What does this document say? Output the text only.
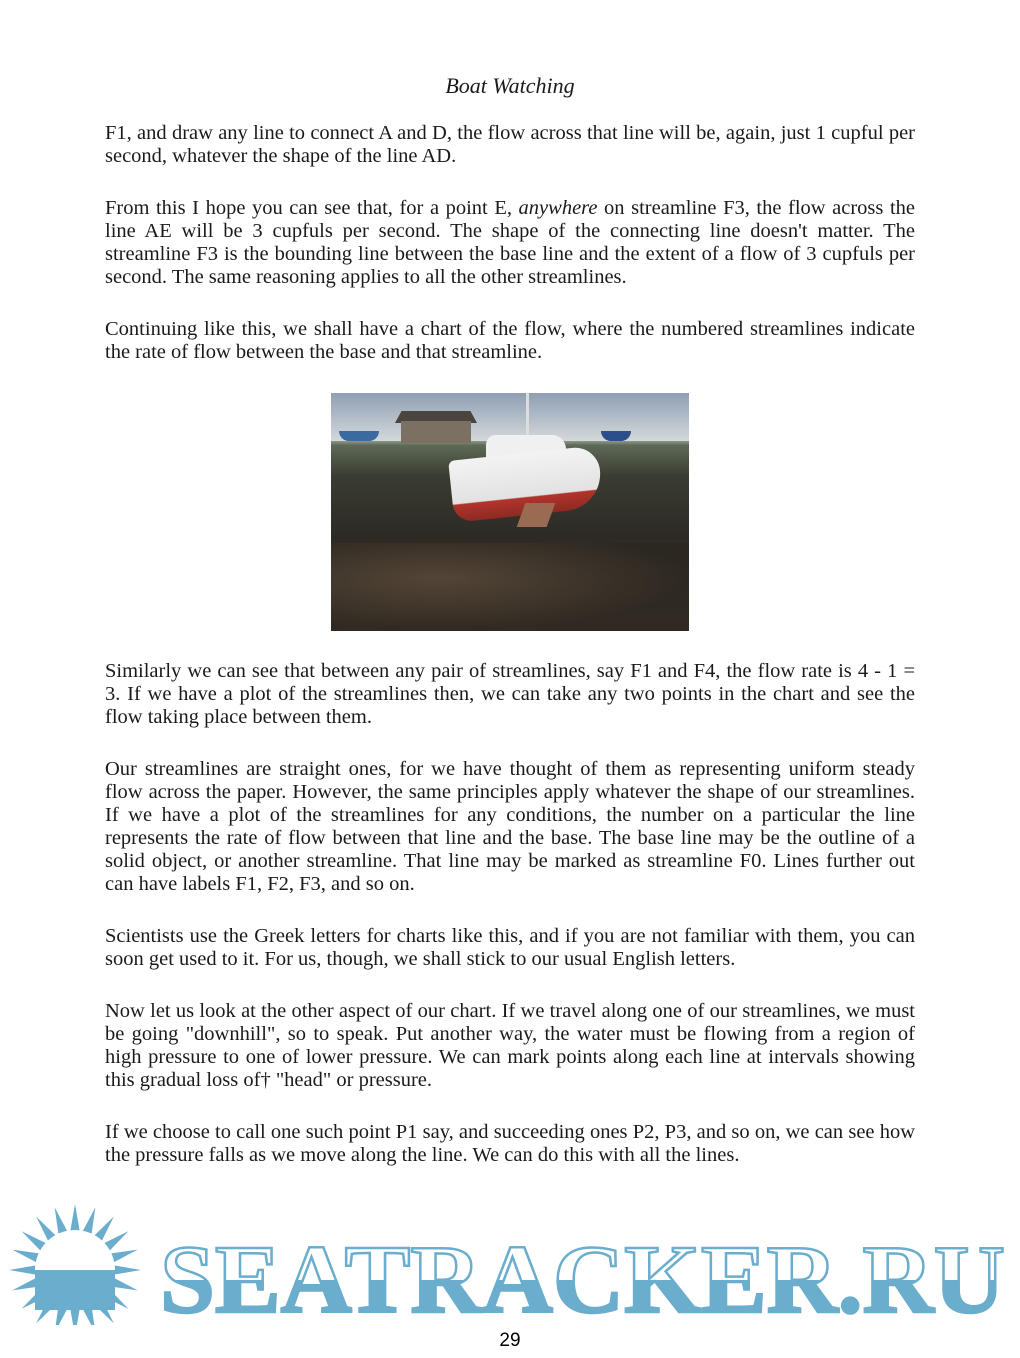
Boat Watching

F1, and draw any line to connect A and D, the flow across that line will be, again, just 1 cupful per second, whatever the shape of the line AD.

From this I hope you can see that, for a point E, anywhere on streamline F3, the flow across the line AE will be 3 cupfuls per second. The shape of the connecting line doesn't matter. The streamline F3 is the bounding line between the base line and the extent of a flow of 3 cupfuls per second. The same reasoning applies to all the other streamlines.

Continuing like this, we shall have a chart of the flow, where the numbered streamlines indicate the rate of flow between the base and that streamline.

Similarly we can see that between any pair of streamlines, say F1 and F4, the flow rate is 4 - 1 = 3. If we have a plot of the streamlines then, we can take any two points in the chart and see the flow taking place between them.

Our streamlines are straight ones, for we have thought of them as representing uniform steady flow across the paper. However, the same principles apply whatever the shape of our streamlines. If we have a plot of the streamlines for any conditions, the number on a particular the line represents the rate of flow between that line and the base. The base line may be the outline of a solid object, or another streamline. That line may be marked as streamline F0. Lines further out can have labels F1, F2, F3, and so on.

Scientists use the Greek letters for charts like this, and if you are not familiar with them, you can soon get used to it. For us, though, we shall stick to our usual English letters.

Now let us look at the other aspect of our chart. If we travel along one of our streamlines, we must be going "downhill", so to speak. Put another way, the water must be flowing from a region of high pressure to one of lower pressure. We can mark points along each line at intervals showing this gradual loss of† "head" or pressure.

If we choose to call one such point P1 say, and succeeding ones P2, P3, and so on, we can see how the pressure falls as we move along the line. We can do this with all the lines.

SEATRACKER.RU
29
